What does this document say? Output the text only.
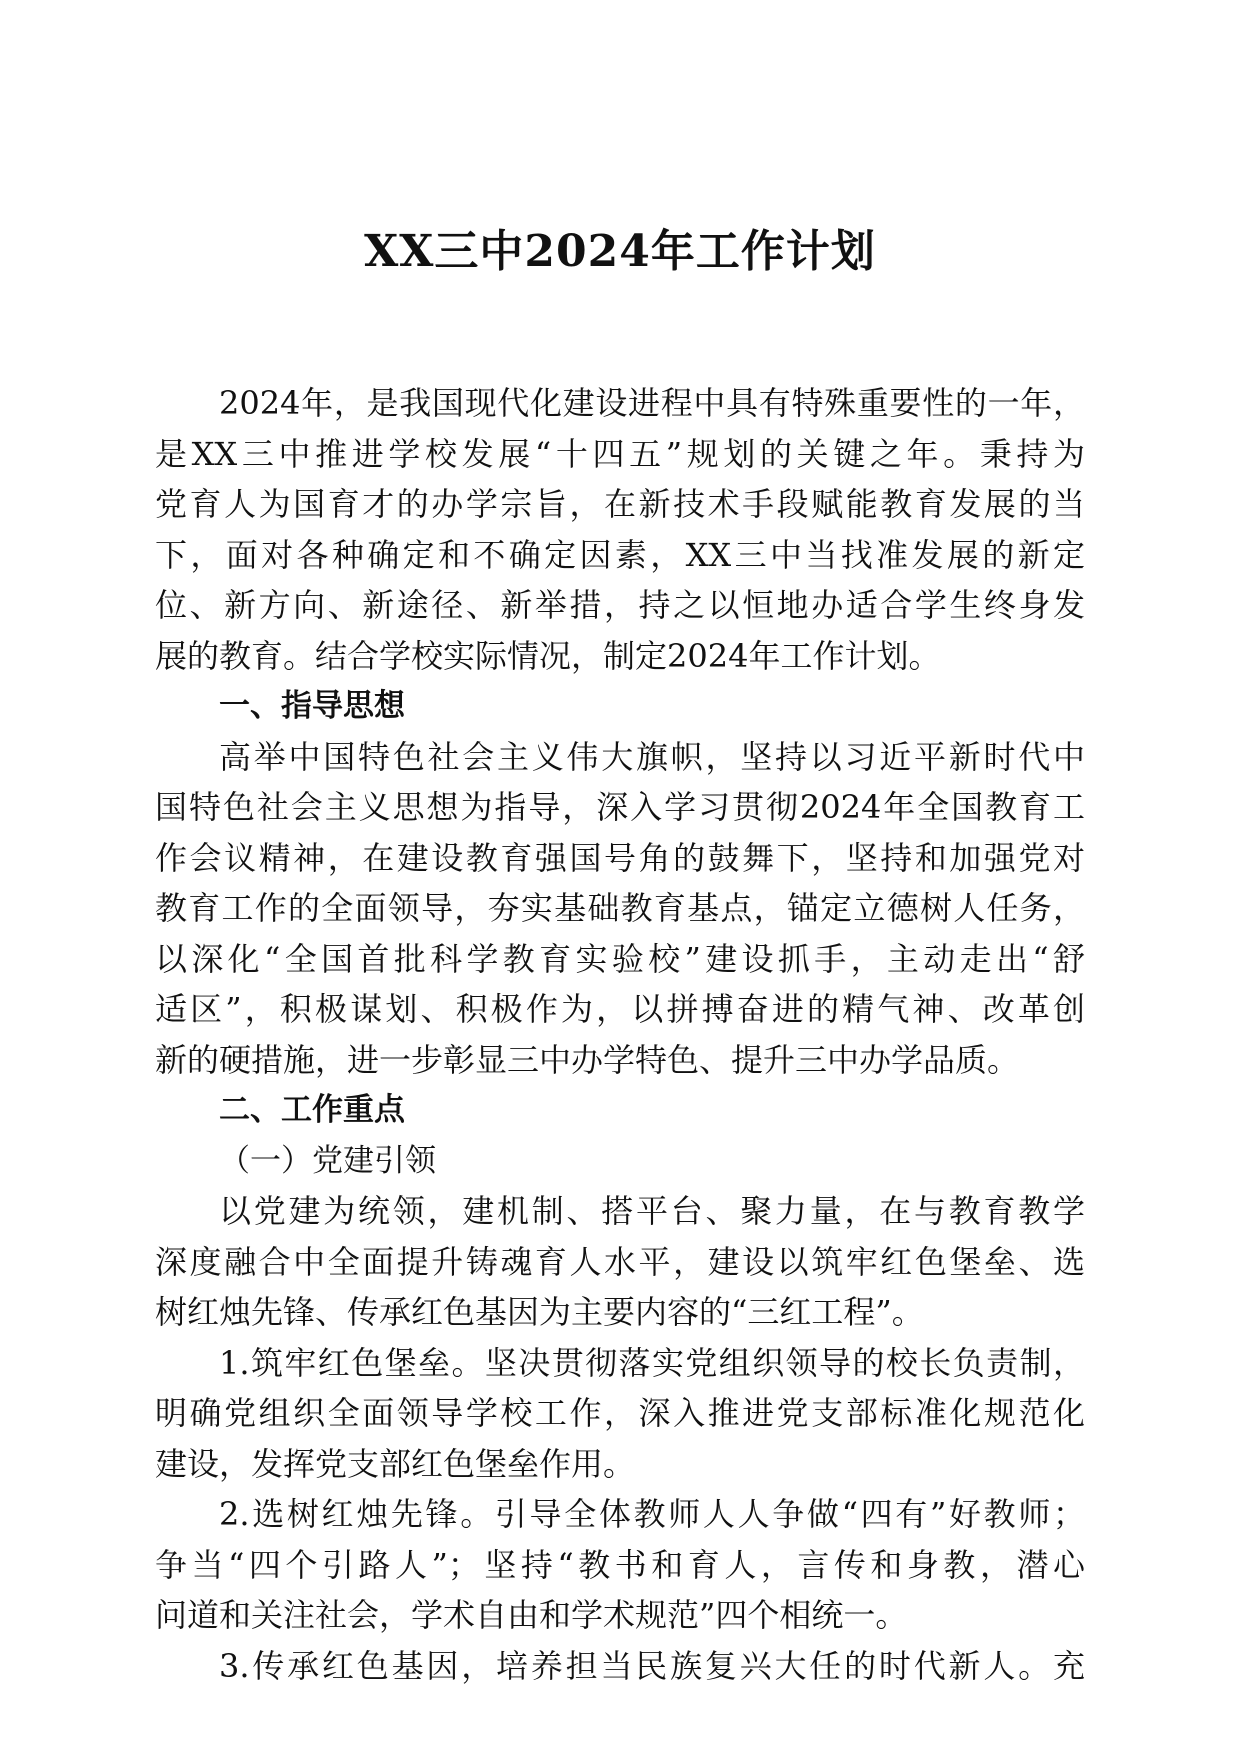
XX三中2024年工作计划
2024年，是我国现代化建设进程中具有特殊重要性的一年，
是XX三中推进学校发展“十四五”规划的关键之年。秉持为
党育人为国育才的办学宗旨，在新技术手段赋能教育发展的当
下，面对各种确定和不确定因素，XX三中当找准发展的新定
位、新方向、新途径、新举措，持之以恒地办适合学生终身发
展的教育。结合学校实际情况，制定2024年工作计划。
一、指导思想
高举中国特色社会主义伟大旗帜，坚持以习近平新时代中
国特色社会主义思想为指导，深入学习贯彻2024年全国教育工
作会议精神，在建设教育强国号角的鼓舞下，坚持和加强党对
教育工作的全面领导，夯实基础教育基点，锚定立德树人任务，
以深化“全国首批科学教育实验校”建设抓手，主动走出“舒
适区”，积极谋划、积极作为，以拼搏奋进的精气神、改革创
新的硬措施，进一步彰显三中办学特色、提升三中办学品质。
二、工作重点
（一）党建引领
以党建为统领，建机制、搭平台、聚力量，在与教育教学
深度融合中全面提升铸魂育人水平，建设以筑牢红色堡垒、选
树红烛先锋、传承红色基因为主要内容的“三红工程”。
1.筑牢红色堡垒。坚决贯彻落实党组织领导的校长负责制，
明确党组织全面领导学校工作，深入推进党支部标准化规范化
建设，发挥党支部红色堡垒作用。
2.选树红烛先锋。引导全体教师人人争做“四有”好教师；
争当“四个引路人”；坚持“教书和育人，言传和身教，潜心
问道和关注社会，学术自由和学术规范”四个相统一。
3.传承红色基因，培养担当民族复兴大任的时代新人。充
